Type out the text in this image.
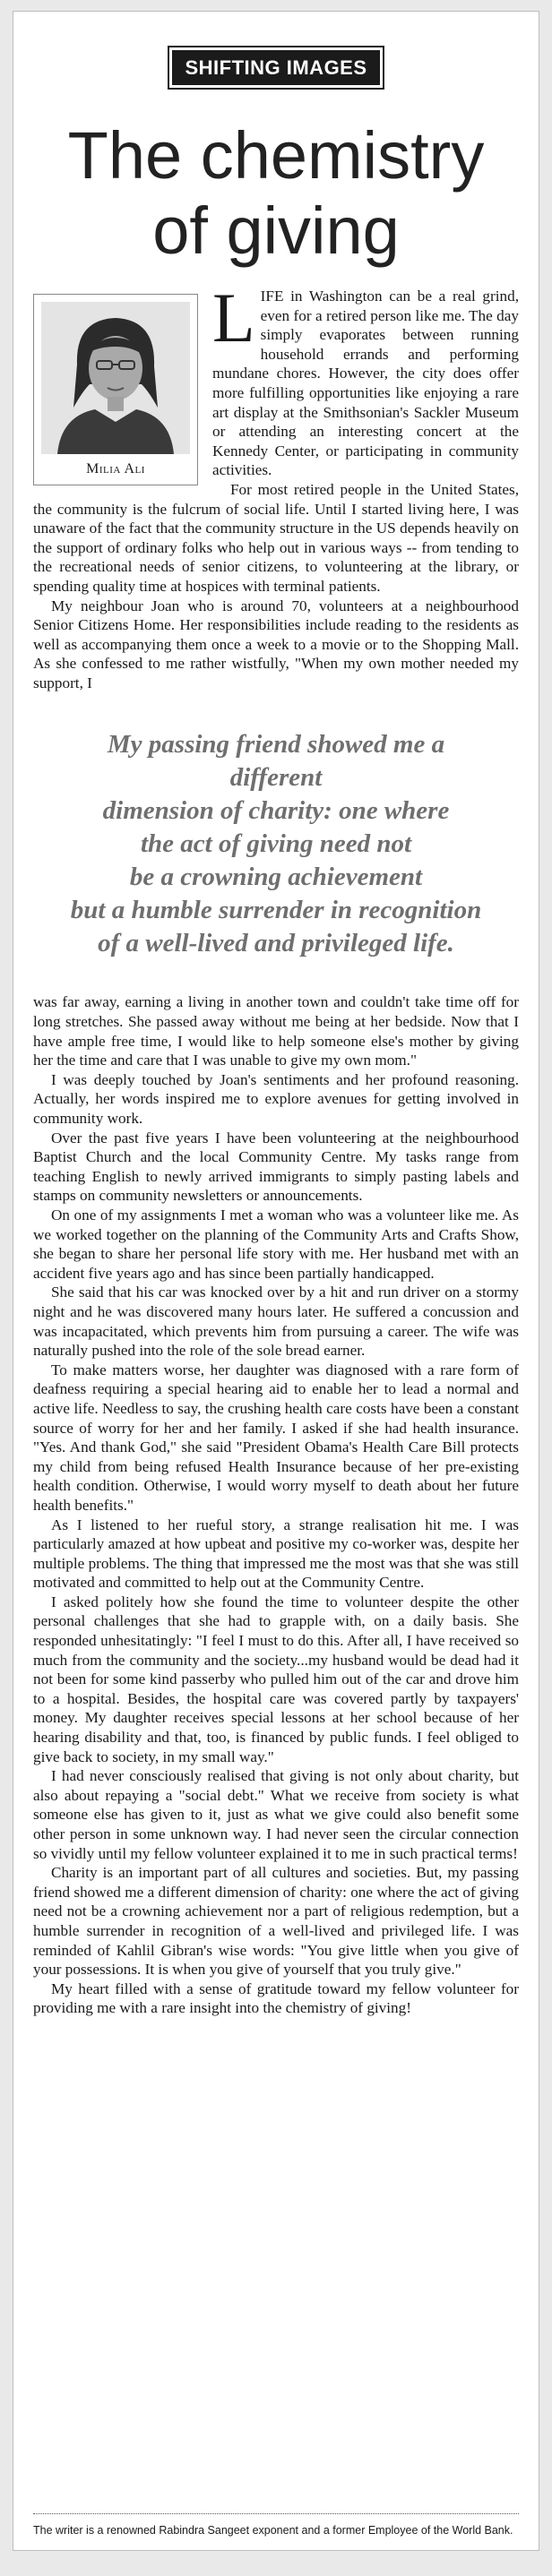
SHIFTING IMAGES
The chemistry
of giving
Milia Ali

LIFE in Washington can be a real grind, even for a retired person like me. The day simply evaporates between running household errands and performing mundane chores. However, the city does offer more fulfilling opportunities like enjoying a rare art display at the Smithsonian's Sackler Museum or attending an interesting concert at the Kennedy Center, or participating in community activities.

For most retired people in the United States, the community is the fulcrum of social life. Until I started living here, I was unaware of the fact that the community structure in the US depends heavily on the support of ordinary folks who help out in various ways -- from tending to the recreational needs of senior citizens, to volunteering at the library, or spending quality time at hospices with terminal patients.

My neighbour Joan who is around 70, volunteers at a neighbourhood Senior Citizens Home. Her responsibilities include reading to the residents as well as accompanying them once a week to a movie or to the Shopping Mall. As she confessed to me rather wistfully, "When my own mother needed my support, I

My passing friend showed me a different
dimension of charity: one where
the act of giving need not
be a crowning achievement
but a humble surrender in recognition
of a well-lived and privileged life.

was far away, earning a living in another town and couldn't take time off for long stretches. She passed away without me being at her bedside. Now that I have ample free time, I would like to help someone else's mother by giving her the time and care that I was unable to give my own mom."

I was deeply touched by Joan's sentiments and her profound reasoning. Actually, her words inspired me to explore avenues for getting involved in community work.

Over the past five years I have been volunteering at the neighbourhood Baptist Church and the local Community Centre. My tasks range from teaching English to newly arrived immigrants to simply pasting labels and stamps on community newsletters or announcements.

On one of my assignments I met a woman who was a volunteer like me. As we worked together on the planning of the Community Arts and Crafts Show, she began to share her personal life story with me. Her husband met with an accident five years ago and has since been partially handicapped.

She said that his car was knocked over by a hit and run driver on a stormy night and he was discovered many hours later. He suffered a concussion and was incapacitated, which prevents him from pursuing a career. The wife was naturally pushed into the role of the sole bread earner.

To make matters worse, her daughter was diagnosed with a rare form of deafness requiring a special hearing aid to enable her to lead a normal and active life. Needless to say, the crushing health care costs have been a constant source of worry for her and her family. I asked if she had health insurance. "Yes. And thank God," she said "President Obama's Health Care Bill protects my child from being refused Health Insurance because of her pre-existing health condition. Otherwise, I would worry myself to death about her future health benefits."

As I listened to her rueful story, a strange realisation hit me. I was particularly amazed at how upbeat and positive my co-worker was, despite her multiple problems. The thing that impressed me the most was that she was still motivated and committed to help out at the Community Centre.

I asked politely how she found the time to volunteer despite the other personal challenges that she had to grapple with, on a daily basis. She responded unhesitatingly: "I feel I must to do this. After all, I have received so much from the community and the society...my husband would be dead had it not been for some kind passerby who pulled him out of the car and drove him to a hospital. Besides, the hospital care was covered partly by taxpayers' money. My daughter receives special lessons at her school because of her hearing disability and that, too, is financed by public funds. I feel obliged to give back to society, in my small way."

I had never consciously realised that giving is not only about charity, but also about repaying a "social debt." What we receive from society is what someone else has given to it, just as what we give could also benefit some other person in some unknown way. I had never seen the circular connection so vividly until my fellow volunteer explained it to me in such practical terms!

Charity is an important part of all cultures and societies. But, my passing friend showed me a different dimension of charity: one where the act of giving need not be a crowning achievement nor a part of religious redemption, but a humble surrender in recognition of a well-lived and privileged life. I was reminded of Kahlil Gibran's wise words: "You give little when you give of your possessions. It is when you give of yourself that you truly give."

My heart filled with a sense of gratitude toward my fellow volunteer for providing me with a rare insight into the chemistry of giving!

The writer is a renowned Rabindra Sangeet exponent and a former Employee of the World Bank.
